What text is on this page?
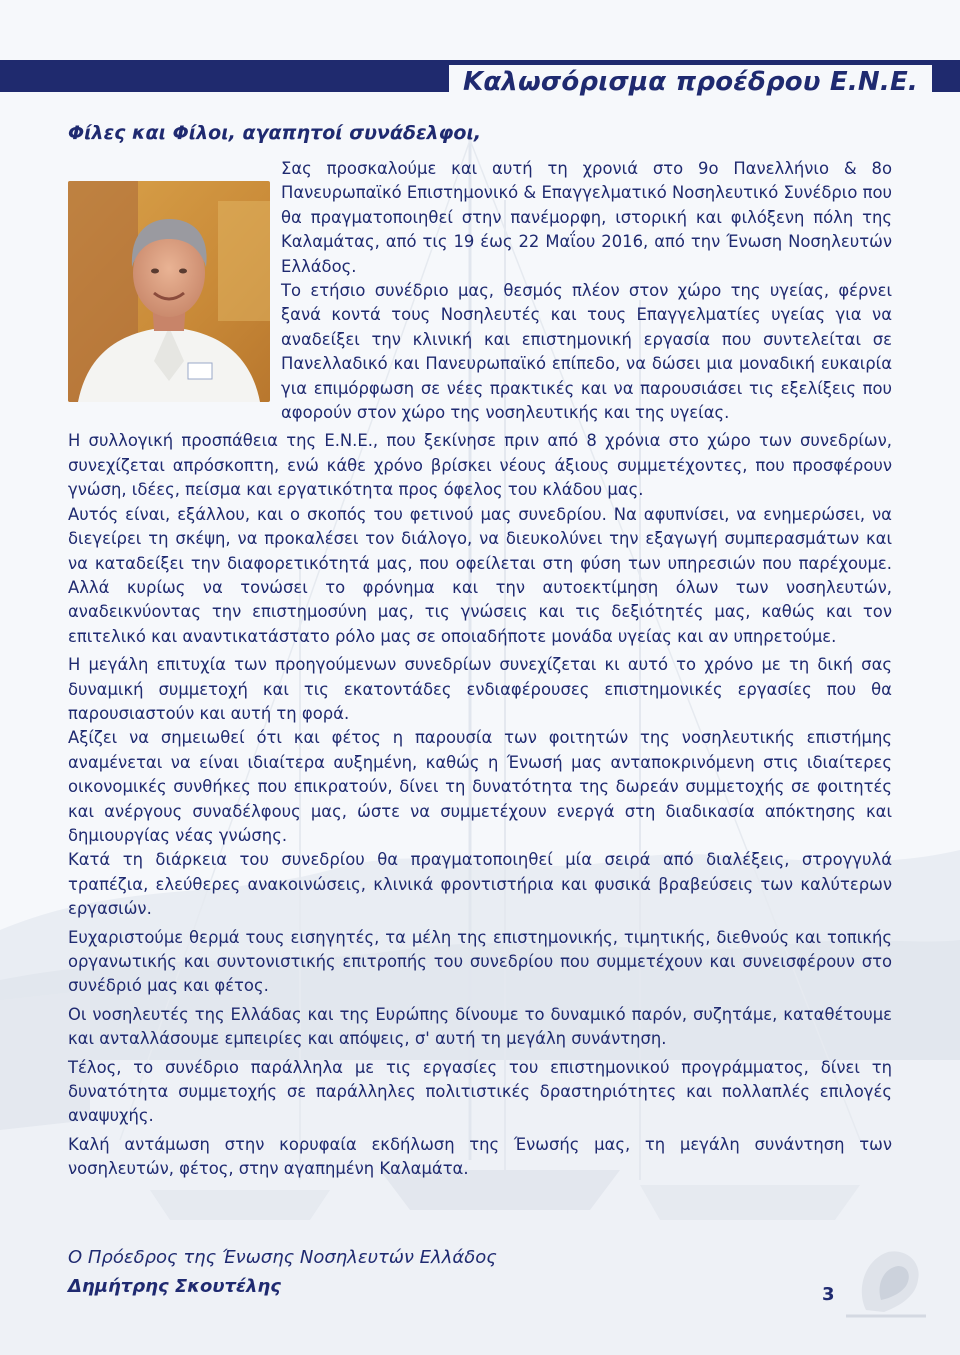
Καλωσόρισμα προέδρου Ε.Ν.Ε.
Φίλες και Φίλοι, αγαπητοί συνάδελφοι,

Σας προσκαλούμε και αυτή τη χρονιά στο 9ο Πανελλήνιο & 8ο Πανευρωπαϊκό Επιστημονικό & Επαγγελματικό Νοσηλευτικό Συνέδριο που θα πραγματοποιηθεί στην πανέμορφη, ιστορική και φιλόξενη πόλη της Καλαμάτας, από τις 19 έως 22 Μαΐου 2016, από την Ένωση Νοσηλευτών Ελλάδος.

Το ετήσιο συνέδριο μας, θεσμός πλέον στον χώρο της υγείας, φέρνει ξανά κοντά τους Νοσηλευτές και τους Επαγγελματίες υγείας για να αναδείξει την κλινική και επιστημονική εργασία που συντελείται σε Πανελλαδικό και Πανευρωπαϊκό επίπεδο, να δώσει μια μοναδική ευκαιρία για επιμόρφωση σε νέες πρακτικές και να παρουσιάσει τις εξελίξεις που αφορούν στον χώρο της νοσηλευτικής και της υγείας.

Η συλλογική προσπάθεια της Ε.Ν.Ε., που ξεκίνησε πριν από 8 χρόνια στο χώρο των συνεδρίων, συνεχίζεται απρόσκοπτη, ενώ κάθε χρόνο βρίσκει νέους άξιους συμμετέχοντες, που προσφέρουν γνώση, ιδέες, πείσμα και εργατικότητα προς όφελος του κλάδου μας.

Αυτός είναι, εξάλλου, και ο σκοπός του φετινού μας συνεδρίου. Να αφυπνίσει, να ενημερώσει, να διεγείρει τη σκέψη, να προκαλέσει τον διάλογο, να διευκολύνει την εξαγωγή συμπερασμάτων και να καταδείξει την διαφορετικότητά μας, που οφείλεται στη φύση των υπηρεσιών που παρέχουμε. Αλλά κυρίως να τονώσει το φρόνημα και την αυτοεκτίμηση όλων των νοσηλευτών, αναδεικνύοντας την επιστημοσύνη μας, τις γνώσεις και τις δεξιότητές μας, καθώς και τον επιτελικό και αναντικατάστατο ρόλο μας σε οποιαδήποτε μονάδα υγείας και αν υπηρετούμε.

Η μεγάλη επιτυχία των προηγούμενων συνεδρίων συνεχίζεται κι αυτό το χρόνο με τη δική σας δυναμική συμμετοχή και τις εκατοντάδες ενδιαφέρουσες επιστημονικές εργασίες που θα παρουσιαστούν και αυτή τη φορά.

Αξίζει να σημειωθεί ότι και φέτος η παρουσία των φοιτητών της νοσηλευτικής επιστήμης αναμένεται να είναι ιδιαίτερα αυξημένη, καθώς η Ένωσή μας ανταποκρινόμενη στις ιδιαίτερες οικονομικές συνθήκες που επικρατούν, δίνει τη δυνατότητα της δωρεάν συμμετοχής σε φοιτητές και ανέργους συναδέλφους μας, ώστε να συμμετέχουν ενεργά στη διαδικασία απόκτησης και δημιουργίας νέας γνώσης.

Κατά τη διάρκεια του συνεδρίου θα πραγματοποιηθεί μία σειρά από διαλέξεις, στρογγυλά τραπέζια, ελεύθερες ανακοινώσεις, κλινικά φροντιστήρια και φυσικά βραβεύσεις των καλύτερων εργασιών.

Ευχαριστούμε θερμά τους εισηγητές, τα μέλη της επιστημονικής, τιμητικής, διεθνούς και τοπικής οργανωτικής και συντονιστικής επιτροπής του συνεδρίου που συμμετέχουν και συνεισφέρουν στο συνέδριό μας και φέτος.

Οι νοσηλευτές της Ελλάδας και της Ευρώπης δίνουμε το δυναμικό παρόν, συζητάμε, καταθέτουμε και ανταλλάσουμε εμπειρίες και απόψεις, σ' αυτή τη μεγάλη συνάντηση.

Τέλος, το συνέδριο παράλληλα με τις εργασίες του επιστημονικού προγράμματος, δίνει τη δυνατότητα συμμετοχής σε παράλληλες πολιτιστικές δραστηριότητες και πολλαπλές επιλογές αναψυχής.

Καλή αντάμωση στην κορυφαία εκδήλωση της Ένωσής μας, τη μεγάλη συνάντηση των νοσηλευτών, φέτος, στην αγαπημένη Καλαμάτα.

Ο Πρόεδρος της Ένωσης Νοσηλευτών Ελλάδος
Δημήτρης Σκουτέλης	3
